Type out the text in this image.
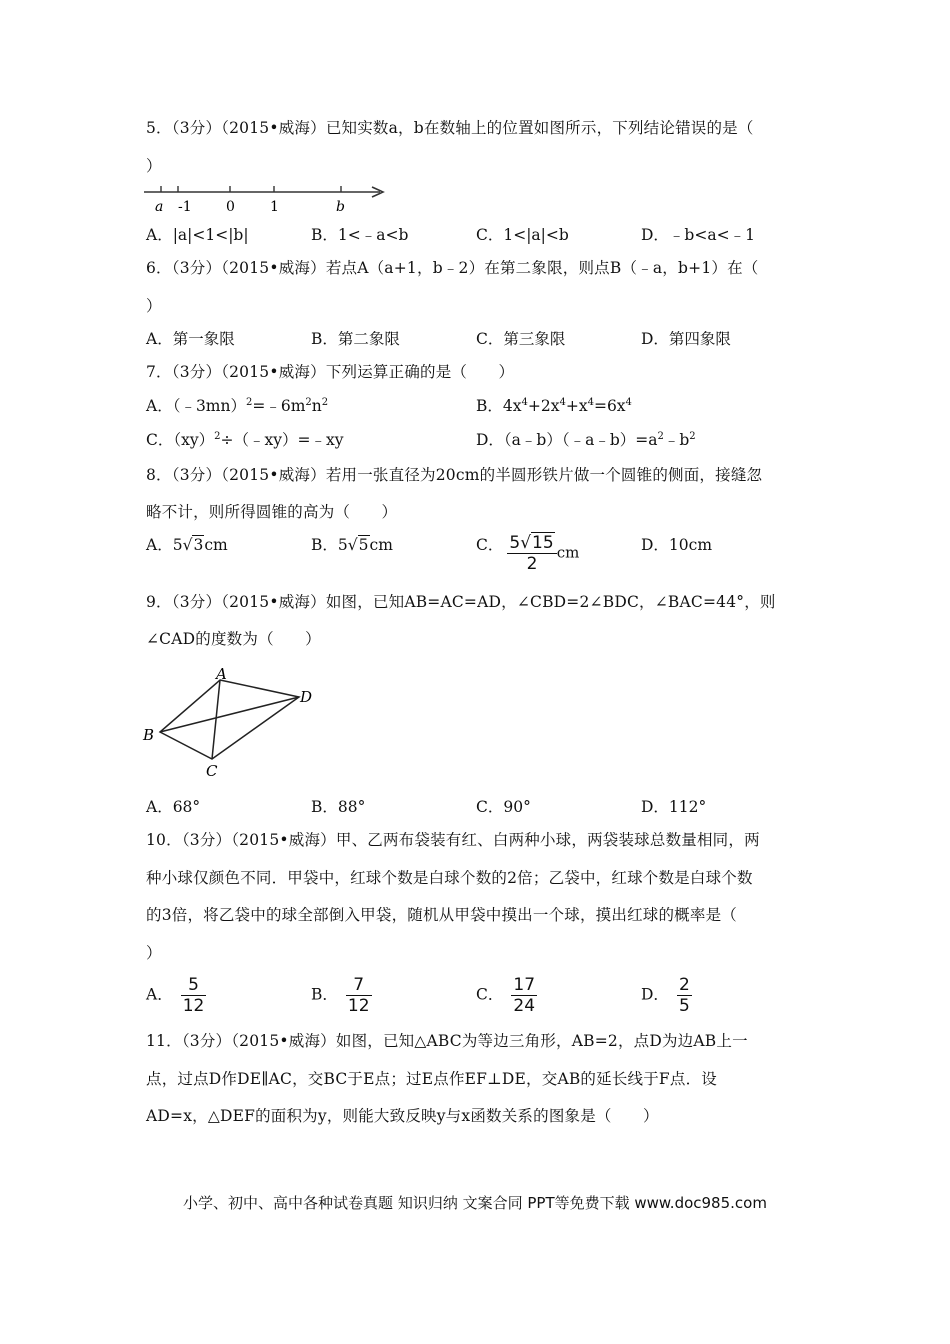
5．（3分）（2015•威海）已知实数a，b在数轴上的位置如图所示，下列结论错误的是（
）
a -1 0	1	b
A．|a|<1<|b|	B．1<﹣a<b	C．1<|a|<b	D．﹣b<a<﹣1
6．（3分）（2015•威海）若点A（a+1，b﹣2）在第二象限，则点B（﹣a，b+1）在（
）
A．第一象限	B．第二象限	C．第三象限	D．第四象限
7．（3分）（2015•威海）下列运算正确的是（　　）
A．$(﹣3mn)^2=﹣6m^2n^2$	B．$4x^4+2x^4+x^4=6x^4$
C．（xy）$^2$÷（﹣xy）=﹣xy	D．$(a﹣b)(﹣a﹣b)=a^2﹣b^2$
8．（3分）（2015•威海）若用一张直径为20cm的半圆形铁片做一个圆锥的侧面，接缝忽
略不计，则所得圆锥的高为（　　）
A．5√3cm	B．5√5cm	C． $\frac{5√15}{2}$ cm	D．10cm
9．（3分）（2015•威海）如图，已知AB=AC=AD，∠CBD=2∠BDC，∠BAC=44°，则
∠CAD的度数为（　　）
A
B
C
D
A．68°	B．88°	C．90°	D．112°
10．（3分）（2015•威海）甲、乙两布袋装有红、白两种小球，两袋装球总数量相同，两
种小球仅颜色不同．甲袋中，红球个数是白球个数的2倍；乙袋中，红球个数是白球个数
的3倍，将乙袋中的球全部倒入甲袋，随机从甲袋中摸出一个球，摸出红球的概率是（
）
A． $\frac{5}{12}$	B． $\frac{7}{12}$	C． $\frac{17}{24}$	D． $\frac{2}{5}$
11．（3分）（2015•威海）如图，已知△ABC为等边三角形，AB=2，点D为边AB上一
点，过点D作DE∥AC，交BC于E点；过E点作EF⊥DE，交AB的延长线于F点．设
AD=x，△DEF的面积为y，则能大致反映y与x函数关系的图象是（　　）
小学、初中、高中各种试卷真题 知识归纳 文案合同 PPT等免费下载 www.doc985.com
